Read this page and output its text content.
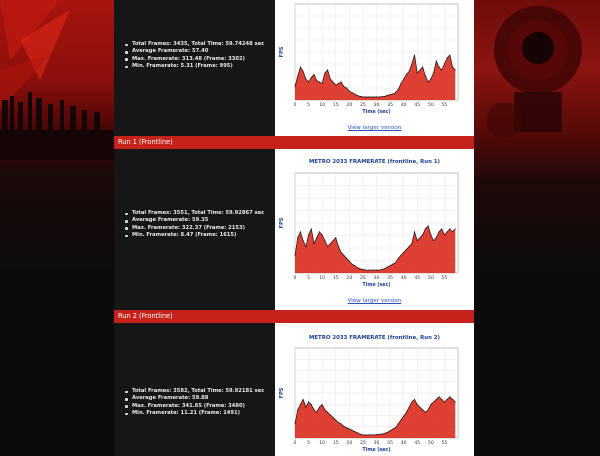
Total Frames: 3435, Total Time: 59.74248 sec
Average Framerate: 57.40
Max. Framerate: 313.48 (Frame: 3302)
Min. Framerate: 5.31 (Frame: 995)
0 5 10 15 20 25 30 35 40 45 50 55
FPS
Time (sec)
View larger version
Run 1 (Frontline)
Total Frames: 3551, Total Time: 59.92867 sec
Average Framerate: 59.35
Max. Framerate: 322.37 (Frame: 2153)
Min. Framerate: 8.47 (Frame: 1615)
METRO 2033 FRAMERATE (frontline, Run 1)
0 5 10 15 20 25 30 35 40 45 50 55
FPS
Time (sec)
View larger version
Run 2 (Frontline)
Total Frames: 3582, Total Time: 59.92181 sec
Average Framerate: 59.88
Max. Framerate: 341.65 (Frame: 3480)
Min. Framerate: 11.21 (Frame: 1491)
METRO 2033 FRAMERATE (frontline, Run 2)
0 5 10 15 20 25 30 35 40 45 50 55
FPS
Time (sec)
